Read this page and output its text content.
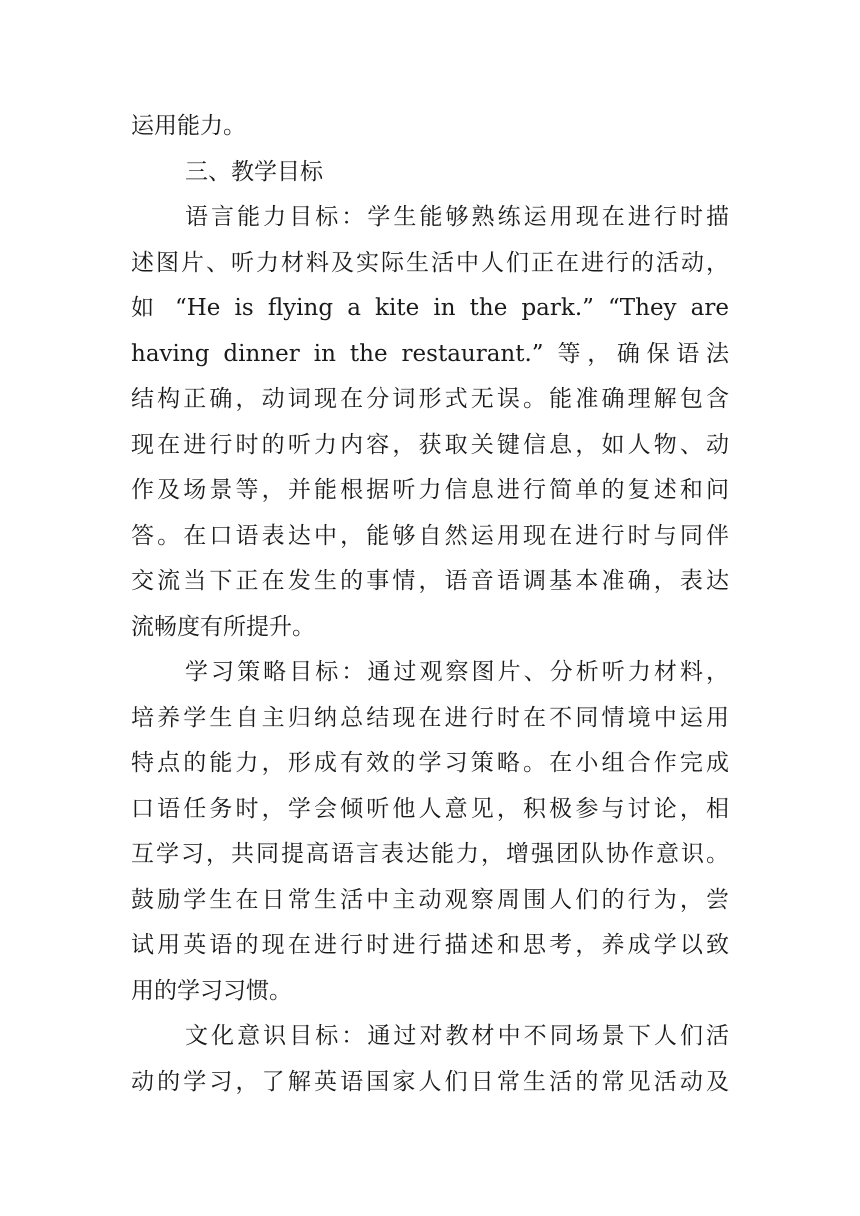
运用能力。
三、教学目标
语言能力目标：学生能够熟练运用现在进行时描
述图片、听力材料及实际生活中人们正在进行的活动，
如 “He is flying a kite in the park.” “They are
having dinner in the restaurant.” 等，确保语法
结构正确，动词现在分词形式无误。能准确理解包含
现在进行时的听力内容，获取关键信息，如人物、动
作及场景等，并能根据听力信息进行简单的复述和问
答。在口语表达中，能够自然运用现在进行时与同伴
交流当下正在发生的事情，语音语调基本准确，表达
流畅度有所提升。
学习策略目标：通过观察图片、分析听力材料，
培养学生自主归纳总结现在进行时在不同情境中运用
特点的能力，形成有效的学习策略。在小组合作完成
口语任务时，学会倾听他人意见，积极参与讨论，相
互学习，共同提高语言表达能力，增强团队协作意识。
鼓励学生在日常生活中主动观察周围人们的行为，尝
试用英语的现在进行时进行描述和思考，养成学以致
用的学习习惯。
文化意识目标：通过对教材中不同场景下人们活
动的学习，了解英语国家人们日常生活的常见活动及
